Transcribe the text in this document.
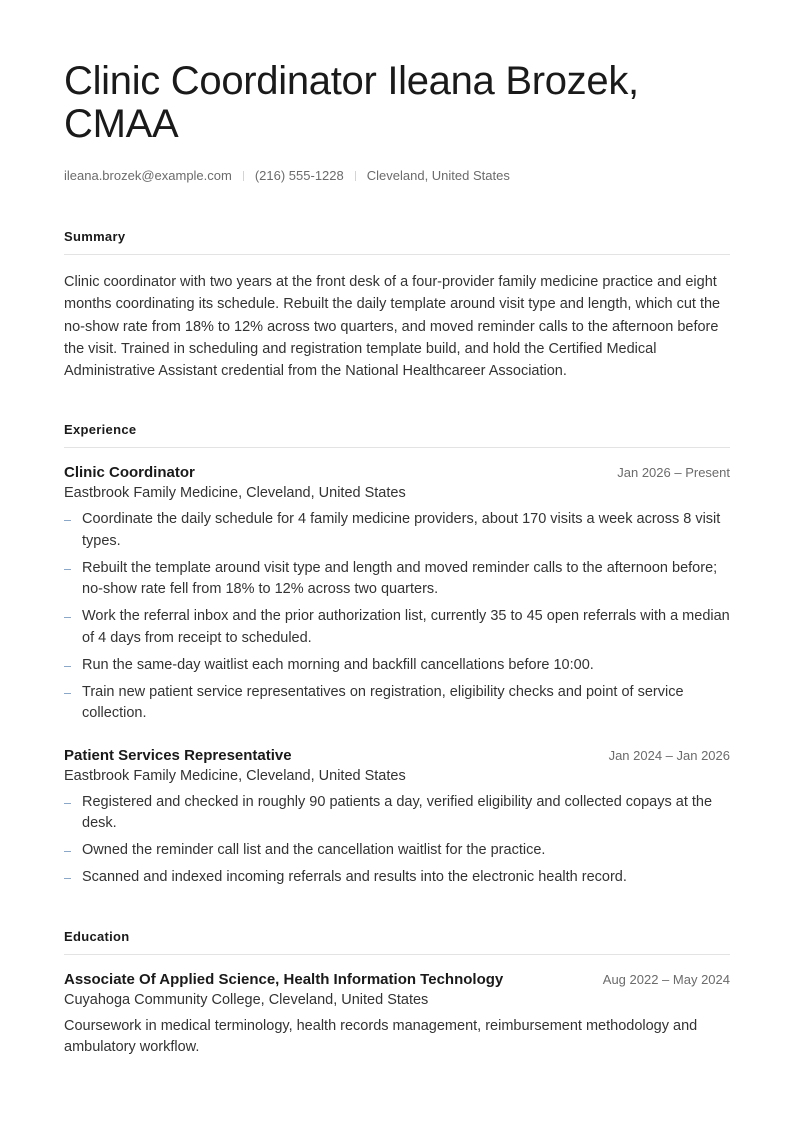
Clinic Coordinator Ileana Brozek, CMAA
ileana.brozek@example.com (216) 555-1228 Cleveland, United States
Summary
Clinic coordinator with two years at the front desk of a four-provider family medicine practice and eight months coordinating its schedule. Rebuilt the daily template around visit type and length, which cut the no-show rate from 18% to 12% across two quarters, and moved reminder calls to the afternoon before the visit. Trained in scheduling and registration template build, and hold the Certified Medical Administrative Assistant credential from the National Healthcareer Association.
Experience
Clinic Coordinator	Jan 2026 – Present
Eastbrook Family Medicine, Cleveland, United States
Coordinate the daily schedule for 4 family medicine providers, about 170 visits a week across 8 visit types.
Rebuilt the template around visit type and length and moved reminder calls to the afternoon before; no-show rate fell from 18% to 12% across two quarters.
Work the referral inbox and the prior authorization list, currently 35 to 45 open referrals with a median of 4 days from receipt to scheduled.
Run the same-day waitlist each morning and backfill cancellations before 10:00.
Train new patient service representatives on registration, eligibility checks and point of service collection.
Patient Services Representative	Jan 2024 – Jan 2026
Eastbrook Family Medicine, Cleveland, United States
Registered and checked in roughly 90 patients a day, verified eligibility and collected copays at the desk.
Owned the reminder call list and the cancellation waitlist for the practice.
Scanned and indexed incoming referrals and results into the electronic health record.
Education
Associate Of Applied Science, Health Information Technology	Aug 2022 – May 2024
Cuyahoga Community College, Cleveland, United States
Coursework in medical terminology, health records management, reimbursement methodology and ambulatory workflow.
